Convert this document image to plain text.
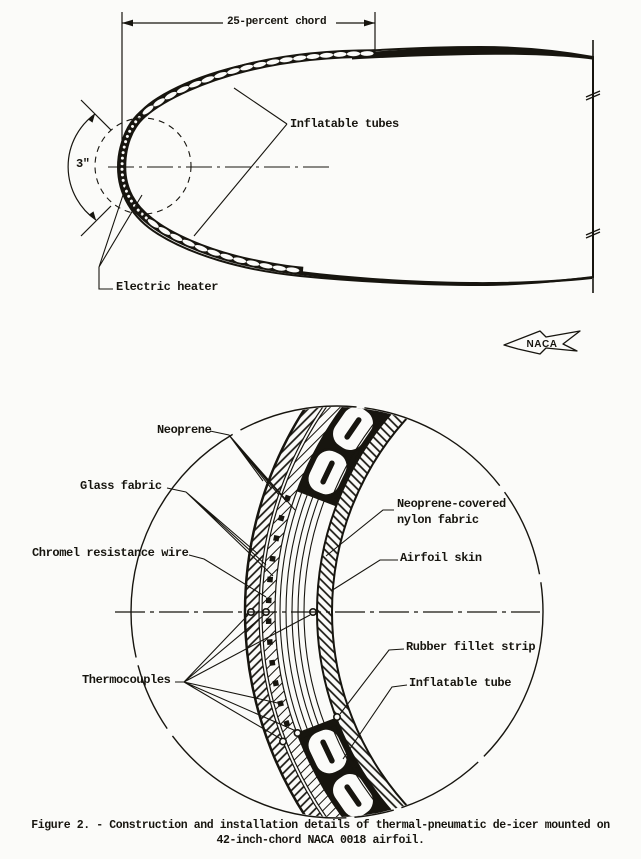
NACA
25-percent chord
Inflatable tubes
3"
Electric heater
Neoprene
Glass fabric
Chromel resistance wire
Thermocouples
Neoprene-covered
nylon fabric
Airfoil skin
Rubber fillet strip
Inflatable tube
Figure 2. - Construction and installation details of thermal-pneumatic de-icer mounted on
42-inch-chord NACA 0018 airfoil.
